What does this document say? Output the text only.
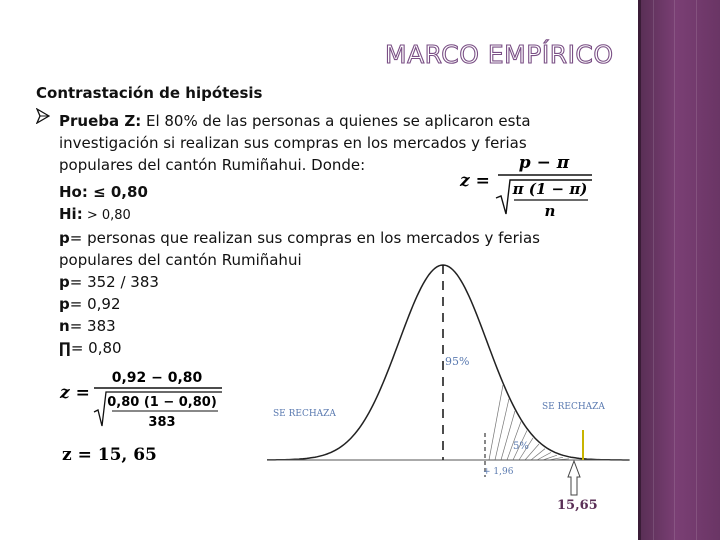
MARCO EMPÍRICO
Contrastación de hipótesis
Prueba Z: El 80% de las personas a quienes se aplicaron esta
investigación si realizan sus compras en los mercados y ferias
populares del cantón Rumiñahui. Donde:
Ho: ≤ 0,80
Hi: > 0,80
p= personas que realizan sus compras en los mercados y ferias
populares del cantón Rumiñahui
p= 352 / 383
p= 0,92
n= 383
∏= 0,80
z =
p − π
π (1 − π)
n
z =
0,92 − 0,80
0,80 (1 − 0,80)
383
z = 15, 65
95%
5%
SE RECHAZA
SE RECHAZA
+ 1,96
15,65
